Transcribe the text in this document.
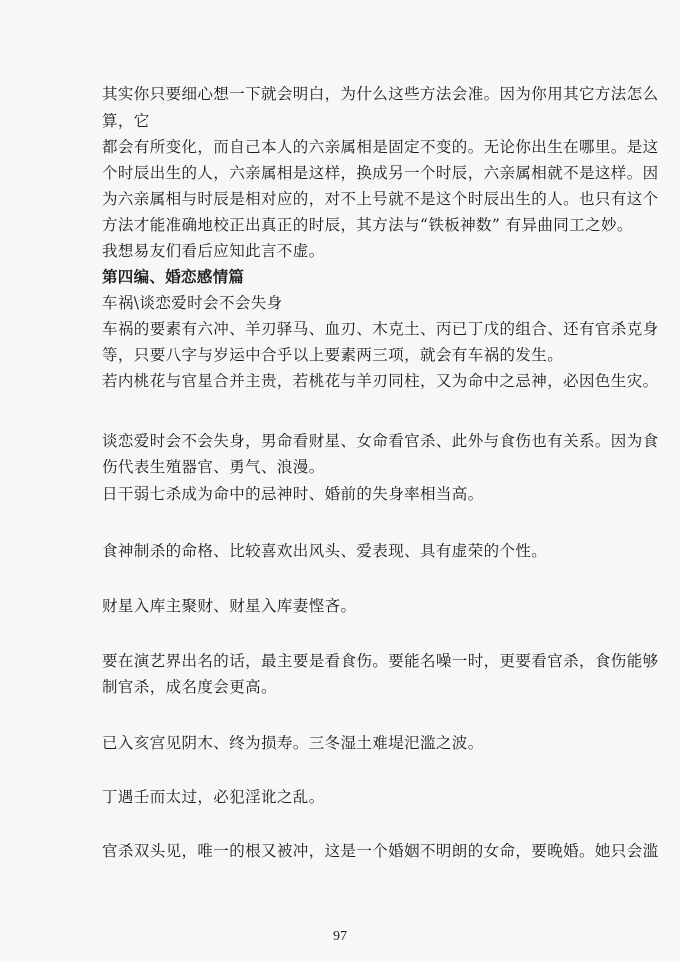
其实你只要细心想一下就会明白，为什么这些方法会准。因为你用其它方法怎么
算，它
都会有所变化，而自己本人的六亲属相是固定不变的。无论你出生在哪里。是这
个时辰出生的人，六亲属相是这样，换成另一个时辰，六亲属相就不是这样。因
为六亲属相与时辰是相对应的，对不上号就不是这个时辰出生的人。也只有这个
方法才能准确地校正出真正的时辰，其方法与“铁板神数” 有异曲同工之妙。
我想易友们看后应知此言不虚。
第四编、婚恋感情篇
车祸\谈恋爱时会不会失身
车祸的要素有六冲、羊刃驿马、血刃、木克土、丙已丁戊的组合、还有官杀克身
等，只要八字与岁运中合乎以上要素两三项，就会有车祸的发生。
若内桃花与官星合并主贵，若桃花与羊刃同柱，又为命中之忌神，必因色生灾。
谈恋爱时会不会失身，男命看财星、女命看官杀、此外与食伤也有关系。因为食
伤代表生殖器官、勇气、浪漫。
日干弱七杀成为命中的忌神时、婚前的失身率相当高。
食神制杀的命格、比较喜欢出风头、爱表现、具有虚荣的个性。
财星入库主聚财、财星入库妻悭吝。
要在演艺界出名的话，最主要是看食伤。要能名噪一时，更要看官杀，食伤能够
制官杀，成名度会更高。
已入亥宫见阴木、终为损寿。三冬湿土难堤汜滥之波。
丁遇壬而太过，必犯淫讹之乱。
官杀双头见，唯一的根又被冲，这是一个婚姻不明朗的女命，要晚婚。她只会滥
97
